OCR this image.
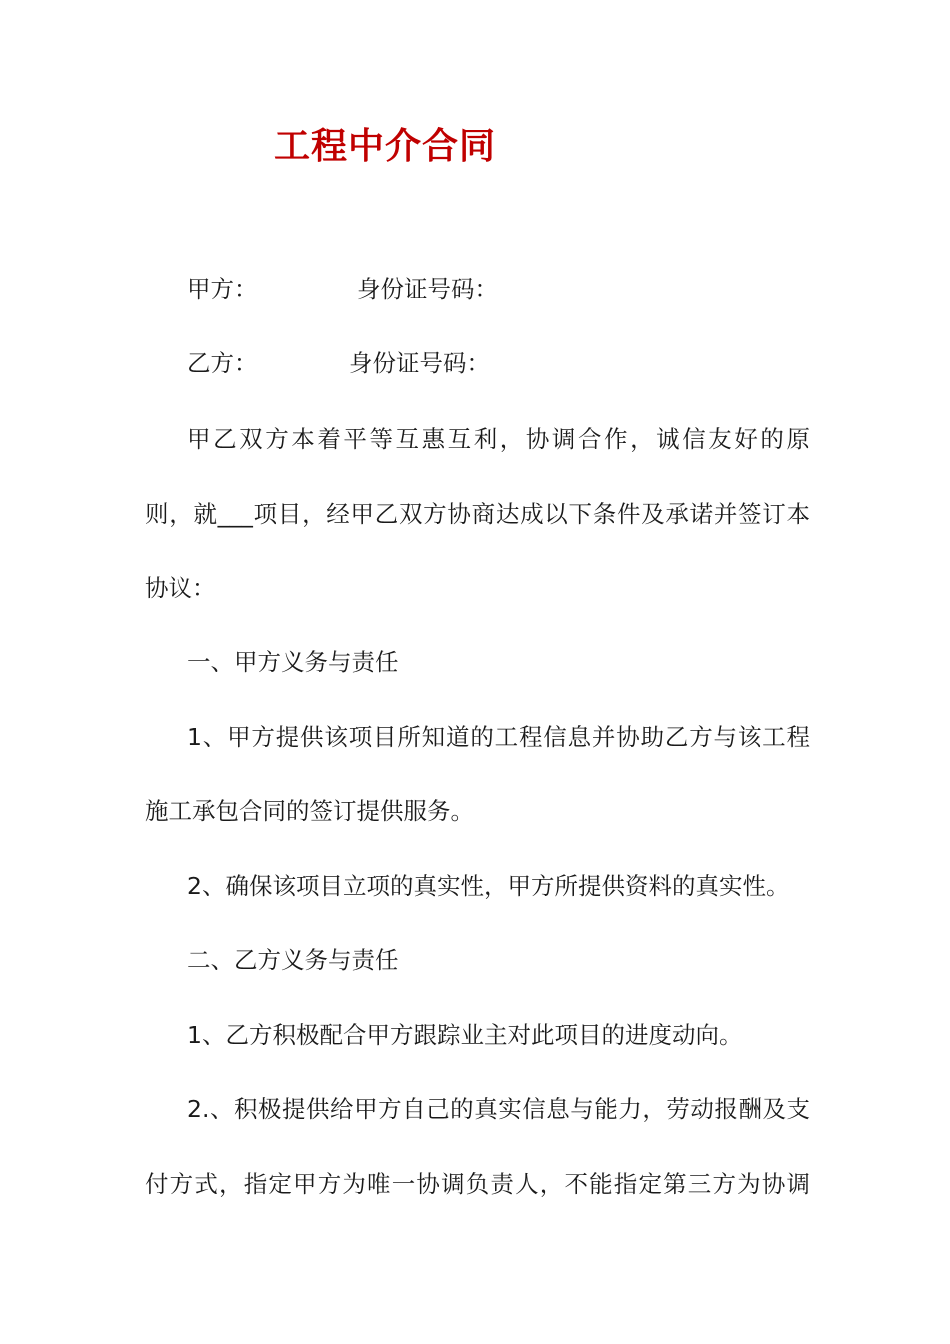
工程中介合同
甲方：	身份证号码：
乙方：	身份证号码：
甲乙双方本着平等互惠互利，协调合作，诚信友好的原
则，就___项目，经甲乙双方协商达成以下条件及承诺并签订本
协议：
一、甲方义务与责任
1、甲方提供该项目所知道的工程信息并协助乙方与该工程
施工承包合同的签订提供服务。
2、确保该项目立项的真实性，甲方所提供资料的真实性。
二、乙方义务与责任
1、乙方积极配合甲方跟踪业主对此项目的进度动向。
2.、积极提供给甲方自己的真实信息与能力，劳动报酬及支
付方式，指定甲方为唯一协调负责人，不能指定第三方为协调
